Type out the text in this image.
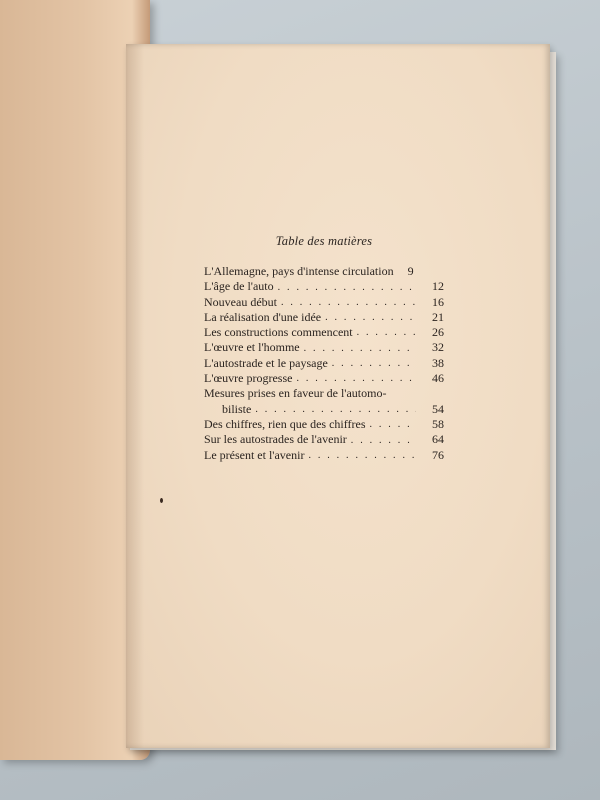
Table des matières
L'Allemagne, pays d'intense circulation	9
L'âge de l'auto . . .	12
Nouveau début . . .	16
La réalisation d'une idée . . .	21
Les constructions commencent . . .	26
L'œuvre et l'homme . . .	32
L'autostrade et le paysage . . .	38
L'œuvre progresse . . .	46
Mesures prises en faveur de l'automo-
biliste . . .	54
Des chiffres, rien que des chiffres . . .	58
Sur les autostrades de l'avenir . . .	64
Le présent et l'avenir . . .	76
